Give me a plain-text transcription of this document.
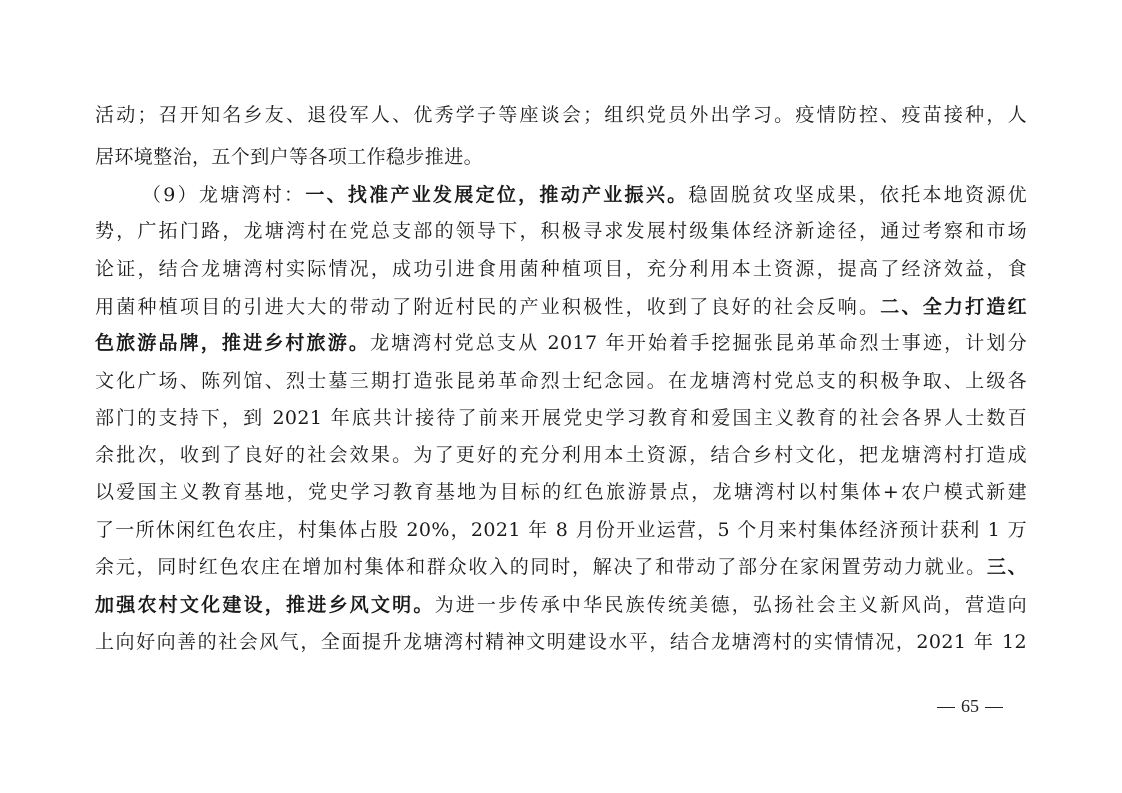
活动；召开知名乡友、退役军人、优秀学子等座谈会；组织党员外出学习。疫情防控、疫苗接种，人
居环境整治，五个到户等各项工作稳步推进。
（9）龙塘湾村：一、找准产业发展定位，推动产业振兴。稳固脱贫攻坚成果，依托本地资源优
势，广拓门路，龙塘湾村在党总支部的领导下，积极寻求发展村级集体经济新途径，通过考察和市场
论证，结合龙塘湾村实际情况，成功引进食用菌种植项目，充分利用本土资源，提高了经济效益，食
用菌种植项目的引进大大的带动了附近村民的产业积极性，收到了良好的社会反响。二、全力打造红
色旅游品牌，推进乡村旅游。龙塘湾村党总支从 2017 年开始着手挖掘张昆弟革命烈士事迹，计划分
文化广场、陈列馆、烈士墓三期打造张昆弟革命烈士纪念园。在龙塘湾村党总支的积极争取、上级各
部门的支持下，到 2021 年底共计接待了前来开展党史学习教育和爱国主义教育的社会各界人士数百
余批次，收到了良好的社会效果。为了更好的充分利用本土资源，结合乡村文化，把龙塘湾村打造成
以爱国主义教育基地，党史学习教育基地为目标的红色旅游景点，龙塘湾村以村集体+农户模式新建
了一所休闲红色农庄，村集体占股 20%，2021 年 8 月份开业运营，5 个月来村集体经济预计获利 1 万
余元，同时红色农庄在增加村集体和群众收入的同时，解决了和带动了部分在家闲置劳动力就业。三、
加强农村文化建设，推进乡风文明。为进一步传承中华民族传统美德，弘扬社会主义新风尚，营造向
上向好向善的社会风气，全面提升龙塘湾村精神文明建设水平，结合龙塘湾村的实情情况，2021 年 12
65
